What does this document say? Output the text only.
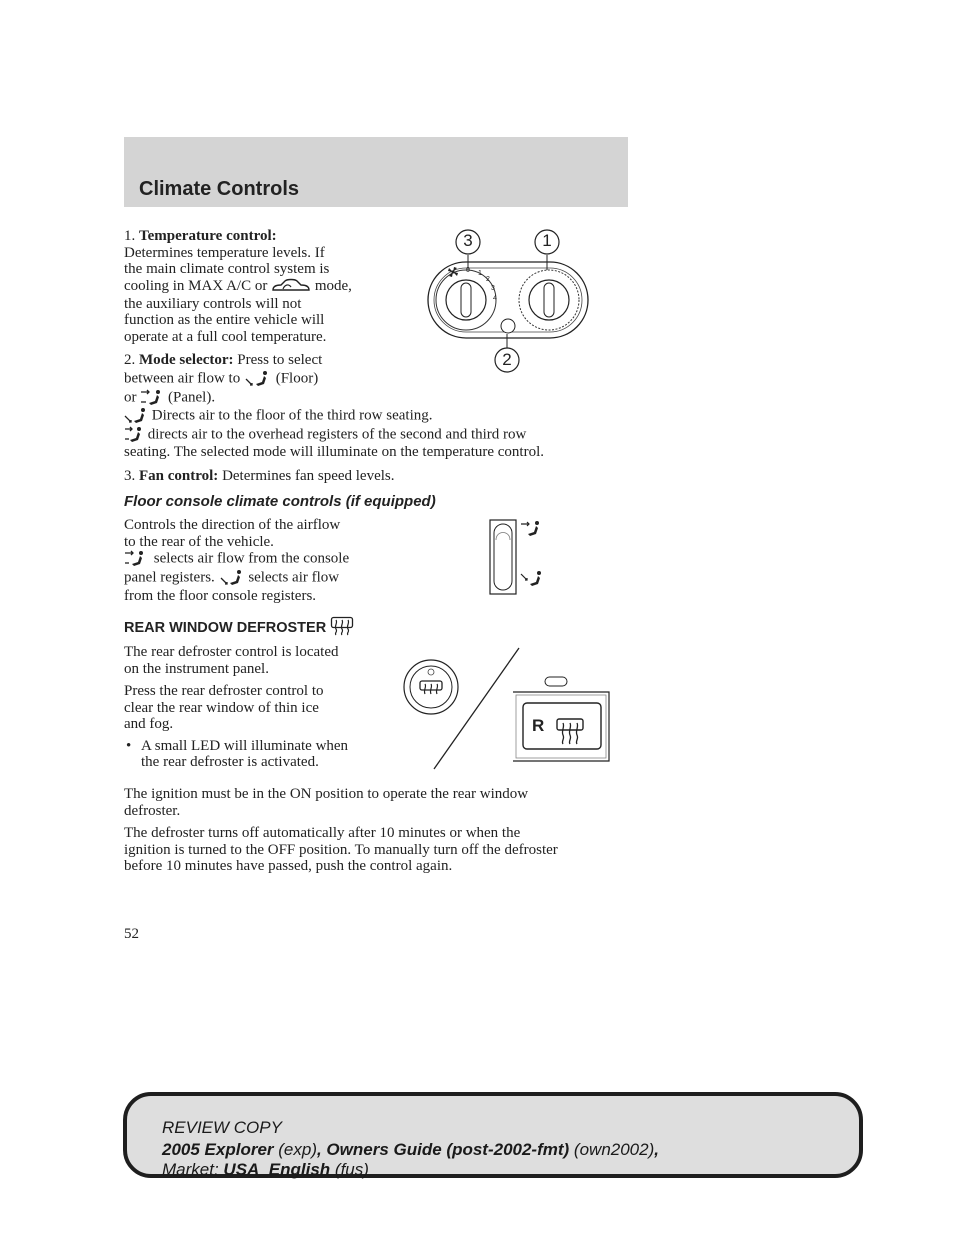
Climate Controls

1. Temperature control:

Determines temperature levels. If

the main climate control system is

cooling in MAX A/C or	mode,

the auxiliary controls will not

function as the entire vehicle will

operate at a full cool temperature.

0 1
2
3
4
3	1
2

2. Mode selector: Press to select

between air flow to (Floor)

or (Panel).

Directs air to the floor of the third row seating.

directs air to the overhead registers of the second and third row

seating. The selected mode will illuminate on the temperature control.

3. Fan control: Determines fan speed levels.
Floor console climate controls (if equipped)

Controls the direction of the airflow

to the rear of the vehicle.

selects air flow from the console

panel registers. selects air flow

from the floor console registers.

REAR WINDOW DEFROSTER

The rear defroster control is located

on the instrument panel.

Press the rear defroster control to

clear the rear window of thin ice

and fog.

• A small LED will illuminate when

the rear defroster is activated.

R

The ignition must be in the ON position to operate the rear window

defroster.

The defroster turns off automatically after 10 minutes or when the

ignition is turned to the OFF position. To manually turn off the defroster

before 10 minutes have passed, push the control again.

52
REVIEW COPY
2005 Explorer (exp), Owners Guide (post-2002-fmt) (own2002),
Market: USA_English (fus)
